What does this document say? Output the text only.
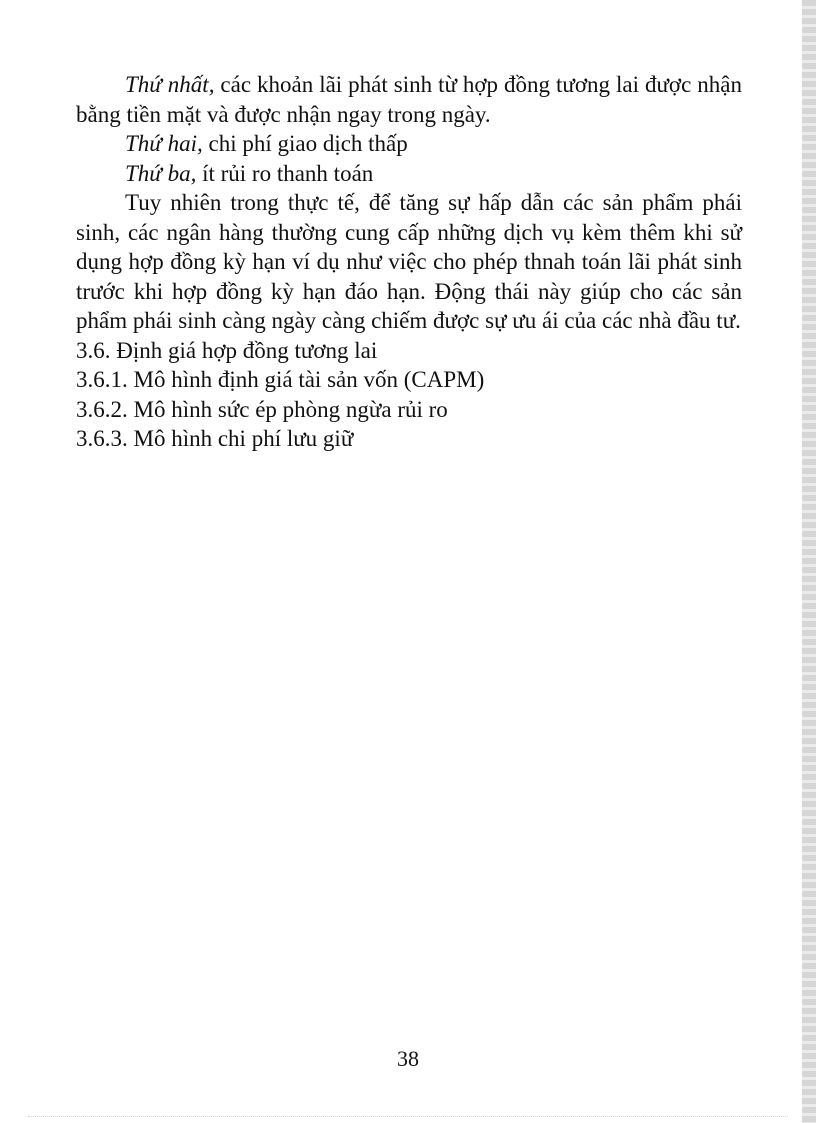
Thứ nhất, các khoản lãi phát sinh từ hợp đồng tương lai được nhận bằng tiền mặt và được nhận ngay trong ngày.

Thứ hai, chi phí giao dịch thấp

Thứ ba, ít rủi ro thanh toán

Tuy nhiên trong thực tế, để tăng sự hấp dẫn các sản phẩm phái sinh, các ngân hàng thường cung cấp những dịch vụ kèm thêm khi sử dụng hợp đồng kỳ hạn ví dụ như việc cho phép thnah toán lãi phát sinh trước khi hợp đồng kỳ hạn đáo hạn. Động thái này giúp cho các sản phẩm phái sinh càng ngày càng chiếm được sự ưu ái của các nhà đầu tư.

3.6. Định giá hợp đồng tương lai

3.6.1. Mô hình định giá tài sản vốn (CAPM)

3.6.2. Mô hình sức ép phòng ngừa rủi ro

3.6.3. Mô hình chi phí lưu giữ

38
